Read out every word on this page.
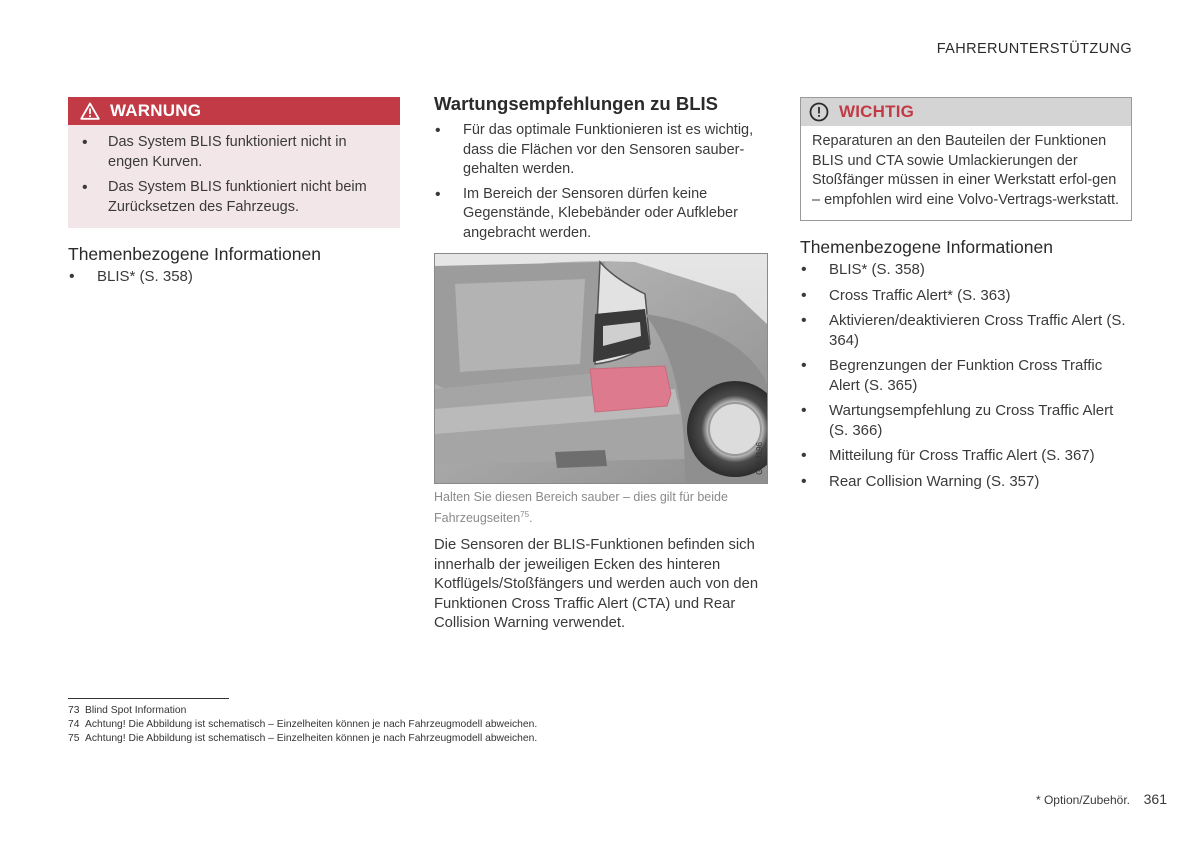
FAHRERUNTERSTÜTZUNG
WARNUNG
• Das System BLIS funktioniert nicht in engen Kurven.
• Das System BLIS funktioniert nicht beim Zurücksetzen des Fahrzeugs.
Themenbezogene Informationen
• BLIS* (S. 358)
Wartungsempfehlungen zu BLIS
• Für das optimale Funktionieren ist es wichtig, dass die Flächen vor den Sensoren sauber-gehalten werden.
• Im Bereich der Sensoren dürfen keine Gegenstände, Klebebänder oder Aufkleber angebracht werden.
G053196
Halten Sie diesen Bereich sauber – dies gilt für beide Fahrzeugseiten$^{75}$.
Die Sensoren der BLIS-Funktionen befinden sich innerhalb der jeweiligen Ecken des hinteren Kotflügels/Stoßfängers und werden auch von den Funktionen Cross Traffic Alert (CTA) und Rear Collision Warning verwendet.
WICHTIG
Reparaturen an den Bauteilen der Funktionen BLIS und CTA sowie Umlackierungen der Stoßfänger müssen in einer Werkstatt erfol-gen – empfohlen wird eine Volvo-Vertrags-werkstatt.
Themenbezogene Informationen
• BLIS* (S. 358)
• Cross Traffic Alert* (S. 363)
• Aktivieren/deaktivieren Cross Traffic Alert (S. 364)
• Begrenzungen der Funktion Cross Traffic Alert (S. 365)
• Wartungsempfehlung zu Cross Traffic Alert (S. 366)
• Mitteilung für Cross Traffic Alert (S. 367)
• Rear Collision Warning (S. 357)
73 Blind Spot Information
74 Achtung! Die Abbildung ist schematisch – Einzelheiten können je nach Fahrzeugmodell abweichen.
75 Achtung! Die Abbildung ist schematisch – Einzelheiten können je nach Fahrzeugmodell abweichen.
* Option/Zubehör. 361
